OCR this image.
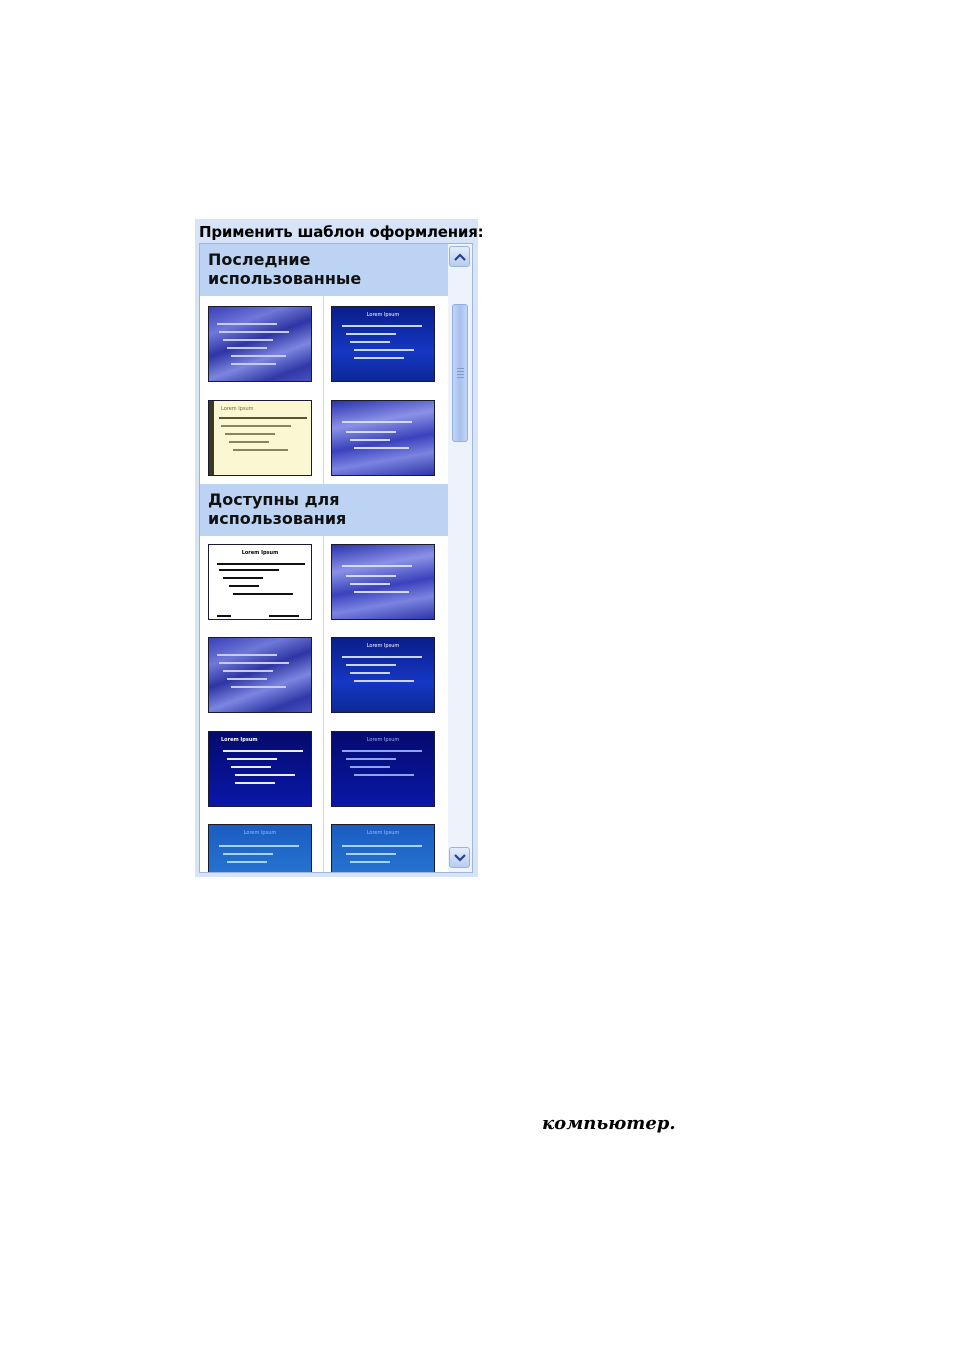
Применить шаблон оформления:
Последние использованные
Lorem Ipsum
Lorem Ipsum
Доступны для использования
Lorem Ipsum
Lorem Ipsum
Lorem Ipsum	Lorem Ipsum
Lorem Ipsum	Lorem Ipsum
компьютер.
